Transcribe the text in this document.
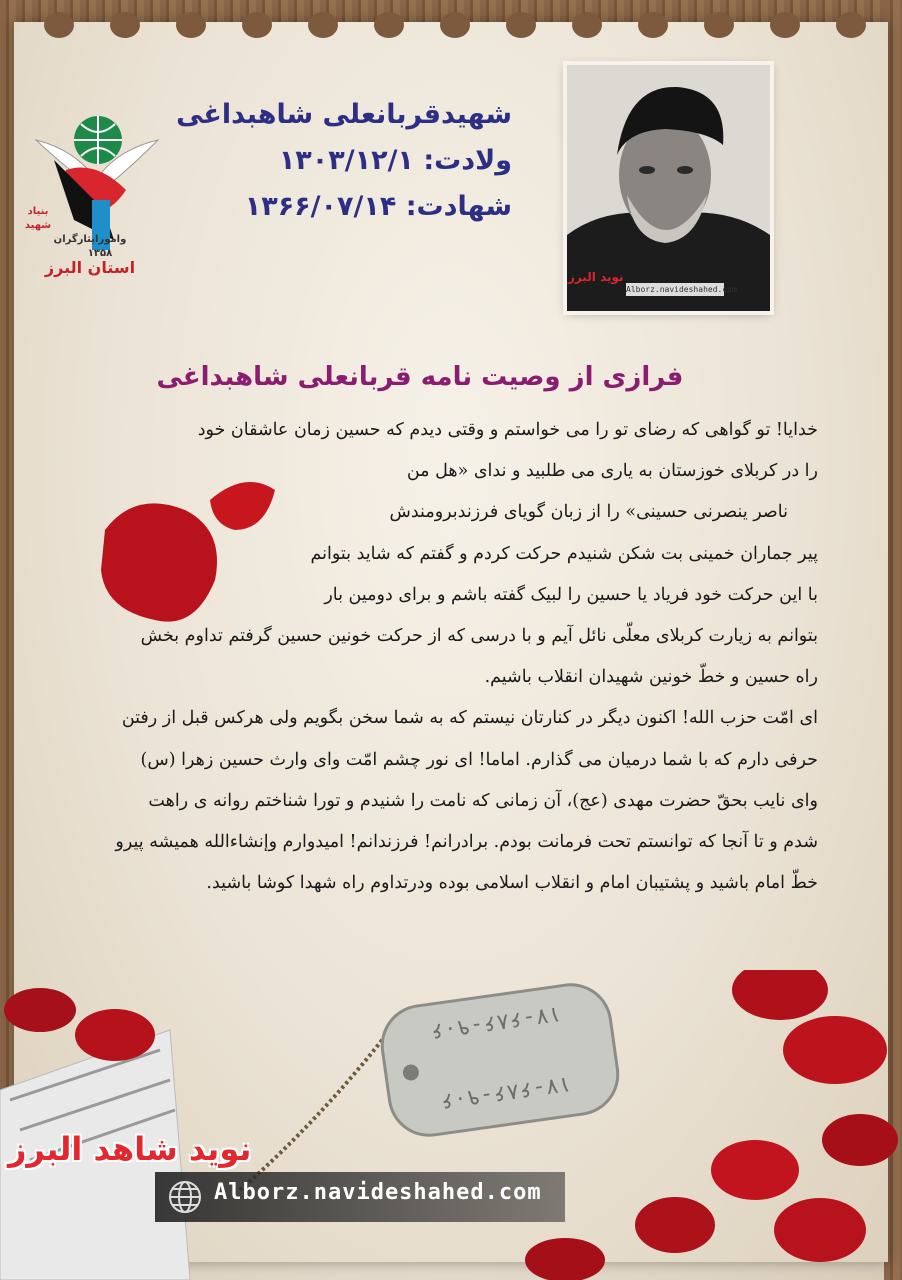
بنیاد
شهید
وامورایثارگران
۱۳۵۸
استان البرز
شهیدقربانعلی شاهبداغی
ولادت: ۱۳۰۳/۱۲/۱
شهادت: ۱۳۶۶/۰۷/۱۴
نوید البرز
Alborz.navideshahed.com
فرازی از وصیت نامه قربانعلی شاهبداغی

خدایا! تو گواهی که رضای تو را می خواستم و وقتی دیدم که حسین زمان عاشقان خود

را در کربلای خوزستان به یاری می طلبید و ندای «هل من

ناصر ینصرنی حسینی» را از زبان گویای فرزندبرومندش

پیر جماران خمینی بت شکن شنیدم حرکت کردم و گفتم که شاید بتوانم

با این حرکت خود فریاد یا حسین را لبیک گفته باشم و برای دومین بار

بتوانم به زیارت کربلای معلّی نائل آیم و با درسی که از حرکت خونین حسین گرفتم تداوم بخش

راه حسین و خطّ خونین شهیدان انقلاب باشیم.

ای امّت حزب الله! اکنون دیگر در کنارتان نیستم که به شما سخن بگویم ولی هرکس قبل از رفتن

حرفی دارم که با شما درمیان می گذارم. اماما! ای نور چشم امّت وای وارث حسین زهرا (س)

وای نایب بحقّ حضرت مهدی (عج)، آن زمانی که نامت را شنیدم و تورا شناختم روانه ی راهت

شدم و تا آنجا که توانستم تحت فرمانت بودم. برادرانم! فرزندانم! امیدوارم وإنشاءالله همیشه پیرو

خطّ امام باشید و پشتیبان امام و انقلاب اسلامی بوده ودرتداوم راه شهدا کوشا باشید.

۱۷-۶۸۶-۹۰۶
۱۷-۶۸۶-۹۰۶
Alborz.navideshahed.com
نوید شاهد البرز
